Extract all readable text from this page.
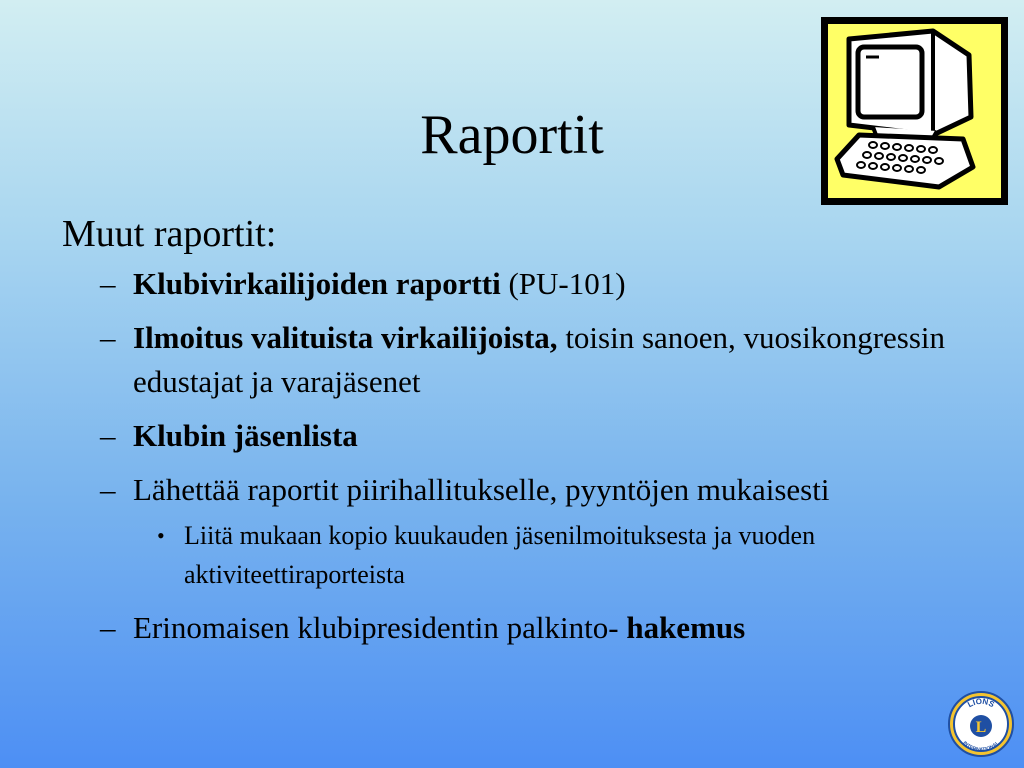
Raportit
Muut raportit:
– Klubivirkailijoiden raportti (PU-101)
– Ilmoitus valituista virkailijoista, toisin sanoen, vuosikongressin edustajat ja varajäsenet
– Klubin jäsenlista
– Lähettää raportit piirihallitukselle, pyyntöjen mukaisesti
• Liitä mukaan kopio kuukauden jäsenilmoituksesta ja vuoden aktiviteettiraporteista
– Erinomaisen klubipresidentin palkinto- hakemus
LIONS
INTERNATIONAL
L
